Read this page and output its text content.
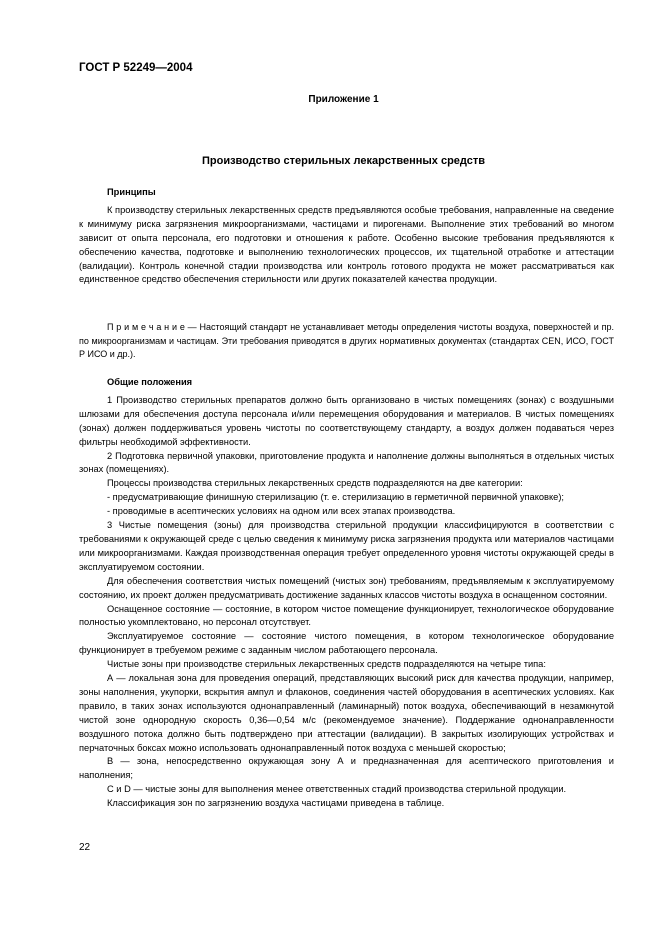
ГОСТ Р 52249—2004
Приложение 1
Производство стерильных лекарственных средств
Принципы

К производству стерильных лекарственных средств предъявляются особые требования, направленные на сведение к минимуму риска загрязнения микроорганизмами, частицами и пирогенами. Выполнение этих требований во многом зависит от опыта персонала, его подготовки и отношения к работе. Особенно высокие требования предъявляются к обеспечению качества, подготовке и выполнению технологических процессов, их тщательной отработке и аттестации (валидации). Контроль конечной стадии производства или контроль готового продукта не может рассматриваться как единственное средство обеспечения стерильности или других показателей качества продукции.

П р и м е ч а н и е — Настоящий стандарт не устанавливает методы определения чистоты воздуха, поверхностей и пр. по микроорганизмам и частицам. Эти требования приводятся в других нормативных документах (стандартах CEN, ИСО, ГОСТ Р ИСО и др.).

Общие положения

1 Производство стерильных препаратов должно быть организовано в чистых помещениях (зонах) с воздушными шлюзами для обеспечения доступа персонала и/или перемещения оборудования и материалов. В чистых помещениях (зонах) должен поддерживаться уровень чистоты по соответствующему стандарту, а воздух должен подаваться через фильтры необходимой эффективности.

2 Подготовка первичной упаковки, приготовление продукта и наполнение должны выполняться в отдельных чистых зонах (помещениях).

Процессы производства стерильных лекарственных средств подразделяются на две категории:

- предусматривающие финишную стерилизацию (т. е. стерилизацию в герметичной первичной упаковке);

- проводимые в асептических условиях на одном или всех этапах производства.

3 Чистые помещения (зоны) для производства стерильной продукции классифицируются в соответствии с требованиями к окружающей среде с целью сведения к минимуму риска загрязнения продукта или материалов частицами или микроорганизмами. Каждая производственная операция требует определенного уровня чистоты окружающей среды в эксплуатируемом состоянии.

Для обеспечения соответствия чистых помещений (чистых зон) требованиям, предъявляемым к эксплуатируемому состоянию, их проект должен предусматривать достижение заданных классов чистоты воздуха в оснащенном состоянии.

Оснащенное состояние — состояние, в котором чистое помещение функционирует, технологическое оборудование полностью укомплектовано, но персонал отсутствует.

Эксплуатируемое состояние — состояние чистого помещения, в котором технологическое оборудование функционирует в требуемом режиме с заданным числом работающего персонала.

Чистые зоны при производстве стерильных лекарственных средств подразделяются на четыре типа:

А — локальная зона для проведения операций, представляющих высокий риск для качества продукции, например, зоны наполнения, укупорки, вскрытия ампул и флаконов, соединения частей оборудования в асептических условиях. Как правило, в таких зонах используются однонаправленный (ламинарный) поток воздуха, обеспечивающий в незамкнутой чистой зоне однородную скорость 0,36—0,54 м/с (рекомендуемое значение). Поддержание однонаправленности воздушного потока должно быть подтверждено при аттестации (валидации). В закрытых изолирующих устройствах и перчаточных боксах можно использовать однонаправленный поток воздуха с меньшей скоростью;

В — зона, непосредственно окружающая зону А и предназначенная для асептического приготовления и наполнения;

С и D — чистые зоны для выполнения менее ответственных стадий производства стерильной продукции.

Классификация зон по загрязнению воздуха частицами приведена в таблице.

22
